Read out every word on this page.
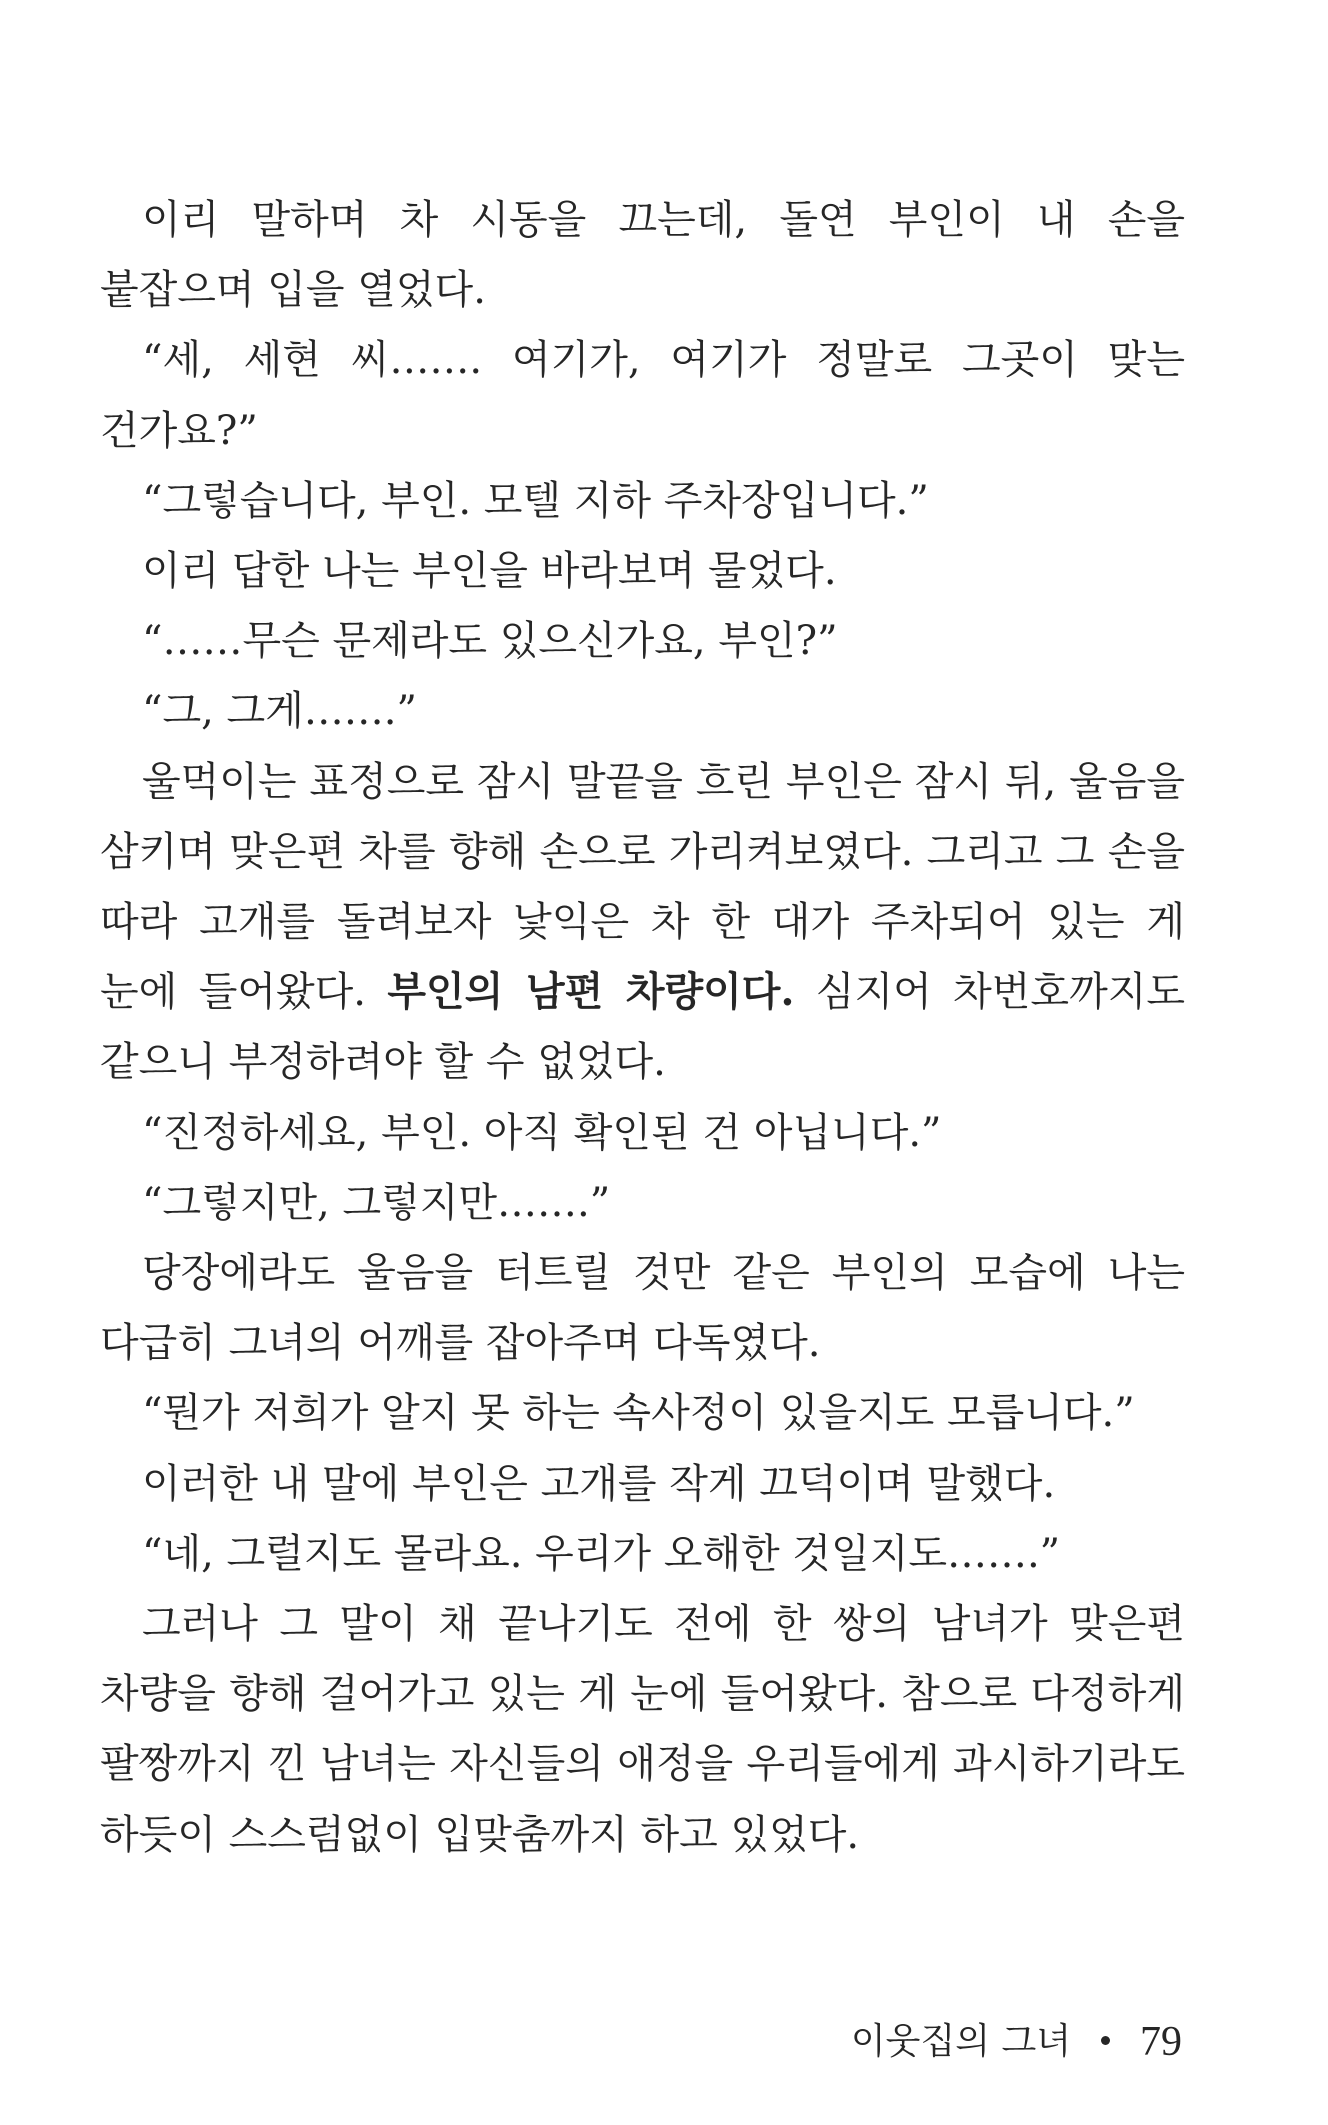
이리 말하며 차 시동을 끄는데, 돌연 부인이 내 손을 붙잡으며 입을 열었다.

“세, 세현 씨……. 여기가, 여기가 정말로 그곳이 맞는 건가요?”

“그렇습니다, 부인. 모텔 지하 주차장입니다.”

이리 답한 나는 부인을 바라보며 물었다.

“……무슨 문제라도 있으신가요, 부인?”

“그, 그게…….”

울먹이는 표정으로 잠시 말끝을 흐린 부인은 잠시 뒤, 울음을 삼키며 맞은편 차를 향해 손으로 가리켜보였다. 그리고 그 손을 따라 고개를 돌려보자 낯익은 차 한 대가 주차되어 있는 게 눈에 들어왔다. 부인의 남편 차량이다. 심지어 차번호까지도 같으니 부정하려야 할 수 없었다.

“진정하세요, 부인. 아직 확인된 건 아닙니다.”

“그렇지만, 그렇지만…….”

당장에라도 울음을 터트릴 것만 같은 부인의 모습에 나는 다급히 그녀의 어깨를 잡아주며 다독였다.

“뭔가 저희가 알지 못 하는 속사정이 있을지도 모릅니다.”

이러한 내 말에 부인은 고개를 작게 끄덕이며 말했다.

“네, 그럴지도 몰라요. 우리가 오해한 것일지도…….”

그러나 그 말이 채 끝나기도 전에 한 쌍의 남녀가 맞은편 차량을 향해 걸어가고 있는 게 눈에 들어왔다. 참으로 다정하게 팔짱까지 낀 남녀는 자신들의 애정을 우리들에게 과시하기라도 하듯이 스스럼없이 입맞춤까지 하고 있었다.

이웃집의 그녀 79
